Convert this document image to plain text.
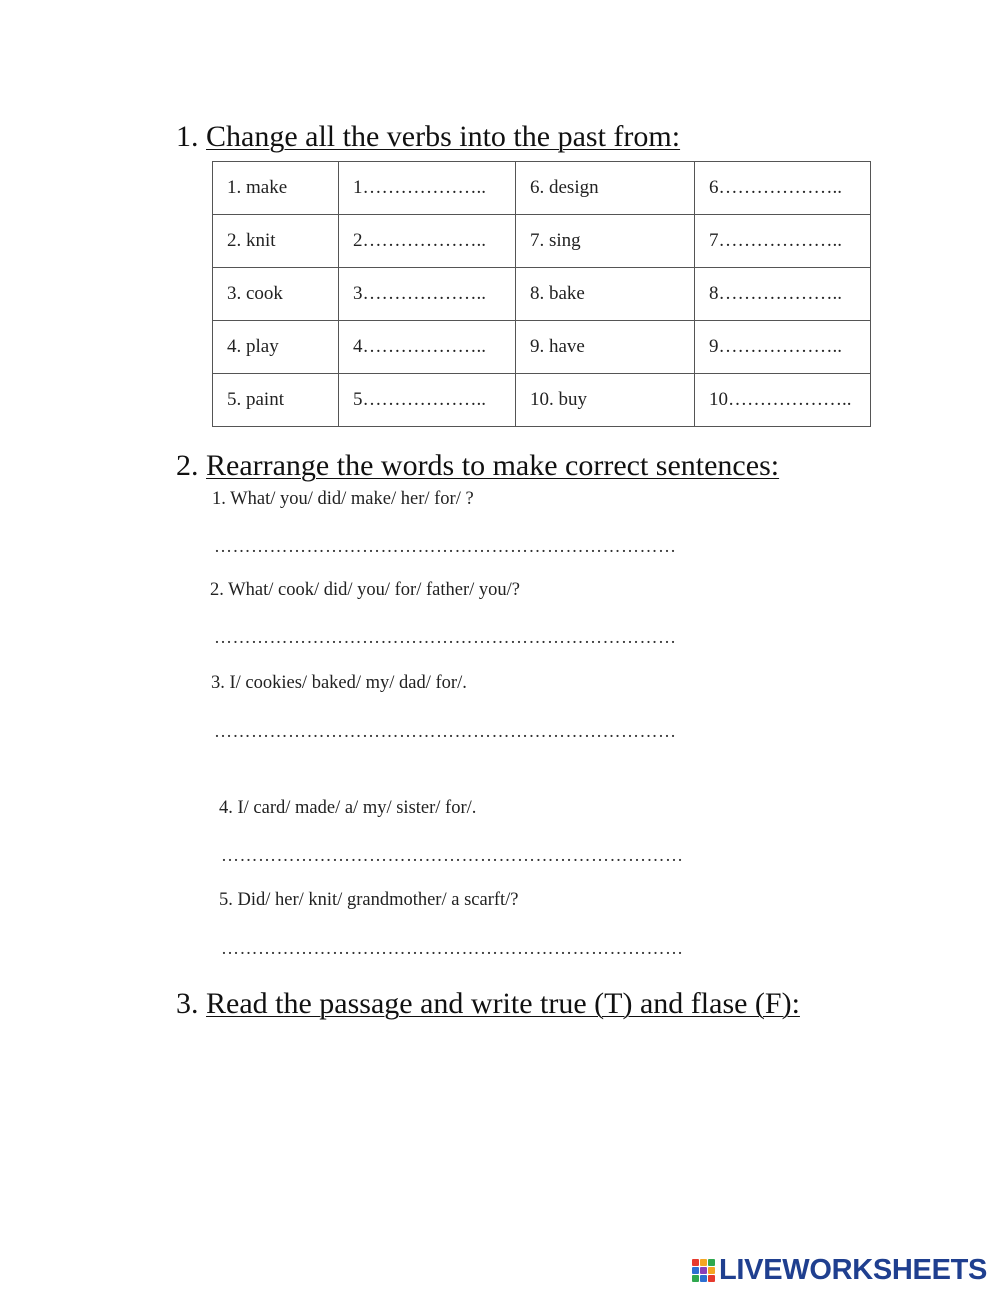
1. Change all the verbs into the past from:
1. make	1………………..	6. design	6………………..
2. knit	2………………..	7. sing	7………………..
3. cook	3………………..	8. bake	8………………..
4. play	4………………..	9. have	9………………..
5. paint	5………………..	10. buy	10………………..
2. Rearrange the words to make correct sentences:
1. What/ you/ did/ make/ her/ for/ ?
…………………………………………………………………
2. What/ cook/ did/ you/ for/ father/ you/?
…………………………………………………………………
3. I/ cookies/ baked/ my/ dad/ for/.
…………………………………………………………………
4. I/ card/ made/ a/ my/ sister/ for/.
…………………………………………………………………
5. Did/ her/ knit/ grandmother/ a scarft/?
…………………………………………………………………
3. Read the passage and write true (T) and flase (F):
LIVEWORKSHEETS
